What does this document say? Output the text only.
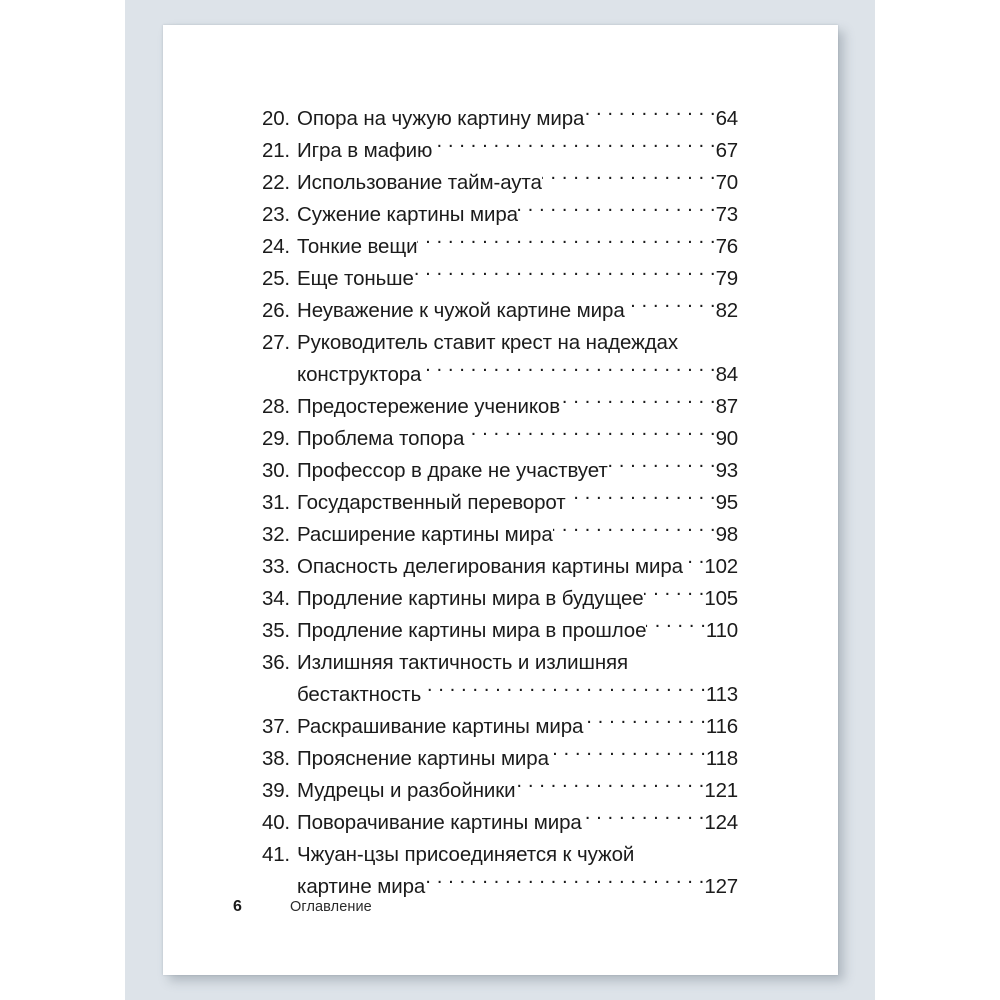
20. Опора на чужую картину мира . . .	64
21. Игра в мафию . . .	67
22. Использование тайм-аута . . .	70
23. Сужение картины мира . . .	73
24. Тонкие вещи . . .	76
25. Еще тоньше . . .	79
26. Неуважение к чужой картине мира . . .	82
27. Руководитель ставит крест на надеждах
конструктора . . .	84
28. Предостережение учеников . . .	87
29. Проблема топора . . .	90
30. Профессор в драке не участвует . . .	93
31. Государственный переворот . . .	95
32. Расширение картины мира . . .	98
33. Опасность делегирования картины мира . . . 102
34. Продление картины мира в будущее . . .	105
35. Продление картины мира в прошлое . . .	110
36. Излишняя тактичность и излишняя
бестактность . . .	113
37. Раскрашивание картины мира . . .	116
38. Прояснение картины мира . . .	118
39. Мудрецы и разбойники . . .	121
40. Поворачивание картины мира . . .	124
41. Чжуан-цзы присоединяется к чужой
картине мира . . .	127
6	Оглавление
